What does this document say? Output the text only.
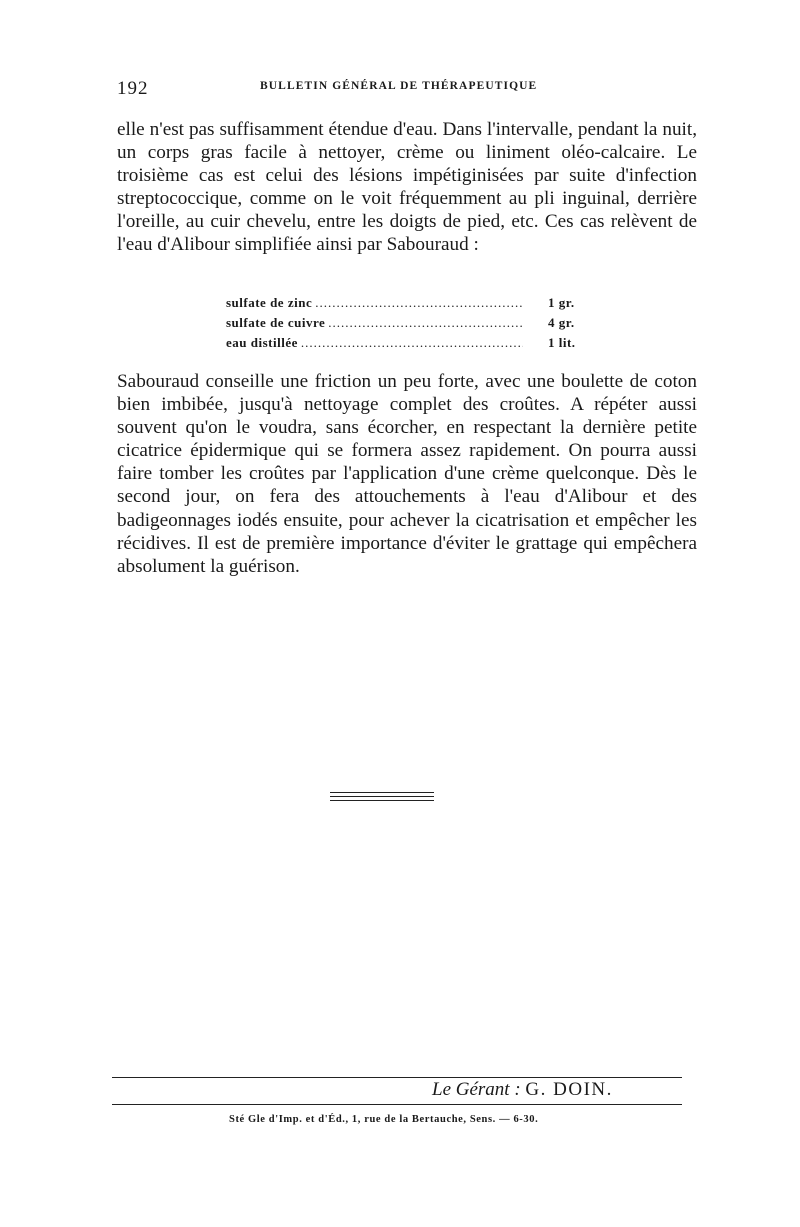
192	BULLETIN GÉNÉRAL DE THÉRAPEUTIQUE

elle n'est pas suffisamment étendue d'eau. Dans l'intervalle, pendant la nuit, un corps gras facile à nettoyer, crème ou liniment oléo-calcaire. Le troisième cas est celui des lésions impétiginisées par suite d'infection streptococcique, comme on le voit fréquemment au pli inguinal, derrière l'oreille, au cuir chevelu, entre les doigts de pied, etc. Ces cas relèvent de l'eau d'Alibour simplifiée ainsi par Sabouraud :

sulfate de zinc .....	1 gr.
sulfate de cuivre .....	4 gr.
eau distillée .....	1 lit.

Sabouraud conseille une friction un peu forte, avec une boulette de coton bien imbibée, jusqu'à nettoyage complet des croûtes. A répéter aussi souvent qu'on le voudra, sans écorcher, en respectant la dernière petite cicatrice épidermique qui se formera assez rapidement. On pourra aussi faire tomber les croûtes par l'application d'une crème quelconque. Dès le second jour, on fera des attouchements à l'eau d'Alibour et des badigeonnages iodés ensuite, pour achever la cicatrisation et empêcher les récidives. Il est de première importance d'éviter le grattage qui empêchera absolument la guérison.

Le Gérant : G. DOIN.
Sté Gle d'Imp. et d'Éd., 1, rue de la Bertauche, Sens. — 6-30.
